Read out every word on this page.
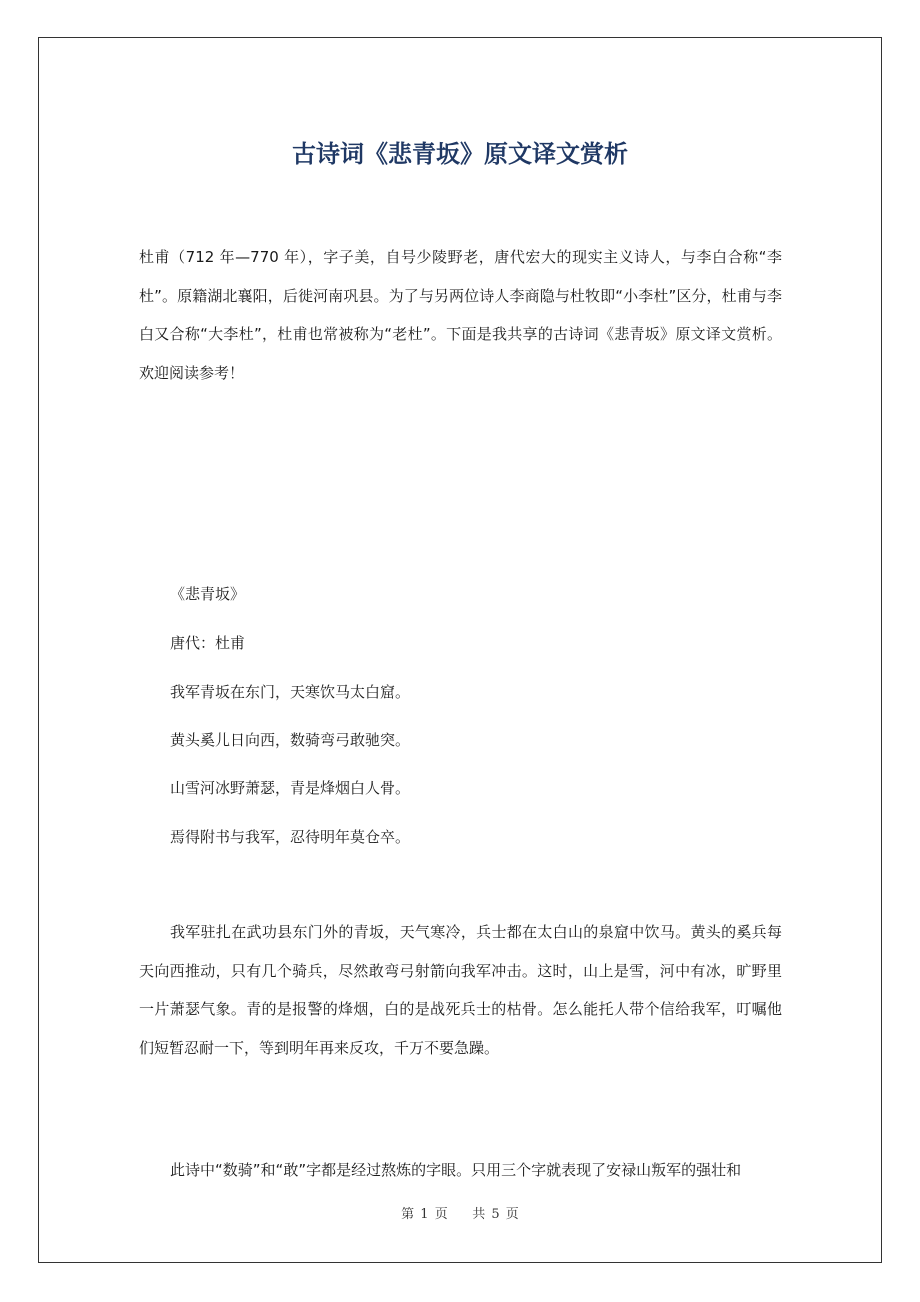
古诗词《悲青坂》原文译文赏析

杜甫（712 年—770 年），字子美，自号少陵野老，唐代宏大的现实主义诗人，与李白合称“李杜”。原籍湖北襄阳，后徙河南巩县。为了与另两位诗人李商隐与杜牧即“小李杜”区分，杜甫与李白又合称“大李杜”，杜甫也常被称为“老杜”。下面是我共享的古诗词《悲青坂》原文译文赏析。欢迎阅读参考！

《悲青坂》

唐代：杜甫

我军青坂在东门，天寒饮马太白窟。

黄头奚儿日向西，数骑弯弓敢驰突。

山雪河冰野萧瑟，青是烽烟白人骨。

焉得附书与我军，忍待明年莫仓卒。

我军驻扎在武功县东门外的青坂，天气寒冷，兵士都在太白山的泉窟中饮马。黄头的奚兵每天向西推动，只有几个骑兵，尽然敢弯弓射箭向我军冲击。这时，山上是雪，河中有冰，旷野里一片萧瑟气象。青的是报警的烽烟，白的是战死兵士的枯骨。怎么能托人带个信给我军，叮嘱他们短暂忍耐一下，等到明年再来反攻，千万不要急躁。

此诗中“数骑”和“敢”字都是经过熬炼的字眼。只用三个字就表现了安禄山叛军的强壮和

第 1 页 共 5 页
